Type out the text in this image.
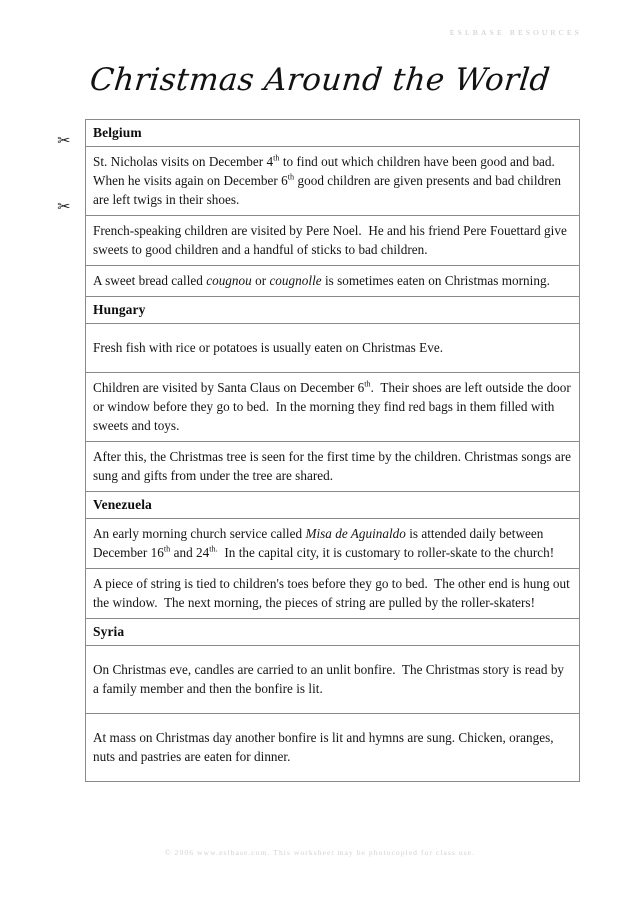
ESLBASE RESOURCES
Christmas Around the World
✂
✂
Belgium
St. Nicholas visits on December 4th to find out which children have been good and bad.  When he visits again on December 6th good children are given presents and bad children are left twigs in their shoes.
French-speaking children are visited by Pere Noel.  He and his friend Pere Fouettard give sweets to good children and a handful of sticks to bad children.
A sweet bread called cougnou or cougnolle is sometimes eaten on Christmas morning.
Hungary
Fresh fish with rice or potatoes is usually eaten on Christmas Eve.
Children are visited by Santa Claus on December 6th.  Their shoes are left outside the door or window before they go to bed.  In the morning they find red bags in them filled with sweets and toys.
After this, the Christmas tree is seen for the first time by the children. Christmas songs are sung and gifts from under the tree are shared.
Venezuela
An early morning church service called Misa de Aguinaldo is attended daily between December 16th and $24^{th.}$  In the capital city, it is customary to roller-skate to the church!
A piece of string is tied to children's toes before they go to bed.  The other end is hung out the window.  The next morning, the pieces of string are pulled by the roller-skaters!
Syria
On Christmas eve, candles are carried to an unlit bonfire.  The Christmas story is read by a family member and then the bonfire is lit.
At mass on Christmas day another bonfire is lit and hymns are sung. Chicken, oranges, nuts and pastries are eaten for dinner.
© 2006 www.eslbase.com. This worksheet may be photocopied for class use.
